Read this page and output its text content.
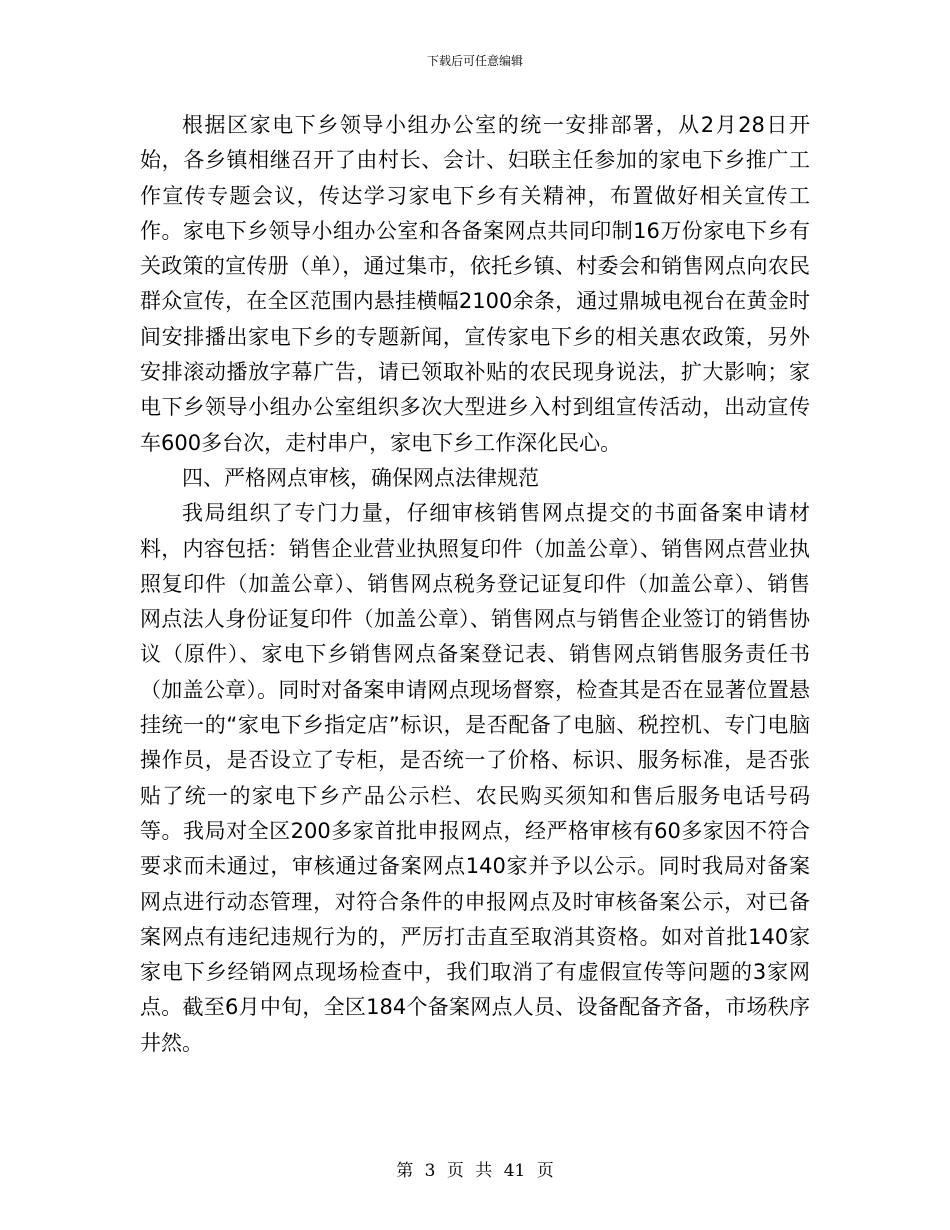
下载后可任意编辑

根据区家电下乡领导小组办公室的统一安排部署，从2月28日开始，各乡镇相继召开了由村长、会计、妇联主任参加的家电下乡推广工作宣传专题会议，传达学习家电下乡有关精神，布置做好相关宣传工作。家电下乡领导小组办公室和各备案网点共同印制16万份家电下乡有关政策的宣传册（单），通过集市，依托乡镇、村委会和销售网点向农民群众宣传，在全区范围内悬挂横幅2100余条，通过鼎城电视台在黄金时间安排播出家电下乡的专题新闻，宣传家电下乡的相关惠农政策，另外安排滚动播放字幕广告，请已领取补贴的农民现身说法，扩大影响；家电下乡领导小组办公室组织多次大型进乡入村到组宣传活动，出动宣传车600多台次，走村串户，家电下乡工作深化民心。

四、严格网点审核，确保网点法律规范

我局组织了专门力量，仔细审核销售网点提交的书面备案申请材料，内容包括：销售企业营业执照复印件（加盖公章）、销售网点营业执照复印件（加盖公章）、销售网点税务登记证复印件（加盖公章）、销售网点法人身份证复印件（加盖公章）、销售网点与销售企业签订的销售协议（原件）、家电下乡销售网点备案登记表、销售网点销售服务责任书（加盖公章）。同时对备案申请网点现场督察，检查其是否在显著位置悬挂统一的“家电下乡指定店”标识，是否配备了电脑、税控机、专门电脑操作员，是否设立了专柜，是否统一了价格、标识、服务标准，是否张贴了统一的家电下乡产品公示栏、农民购买须知和售后服务电话号码等。我局对全区200多家首批申报网点，经严格审核有60多家因不符合要求而未通过，审核通过备案网点140家并予以公示。同时我局对备案网点进行动态管理，对符合条件的申报网点及时审核备案公示，对已备案网点有违纪违规行为的，严厉打击直至取消其资格。如对首批140家家电下乡经销网点现场检查中，我们取消了有虚假宣传等问题的3家网点。截至6月中旬，全区184个备案网点人员、设备配备齐备，市场秩序井然。

第 3 页 共 41 页
